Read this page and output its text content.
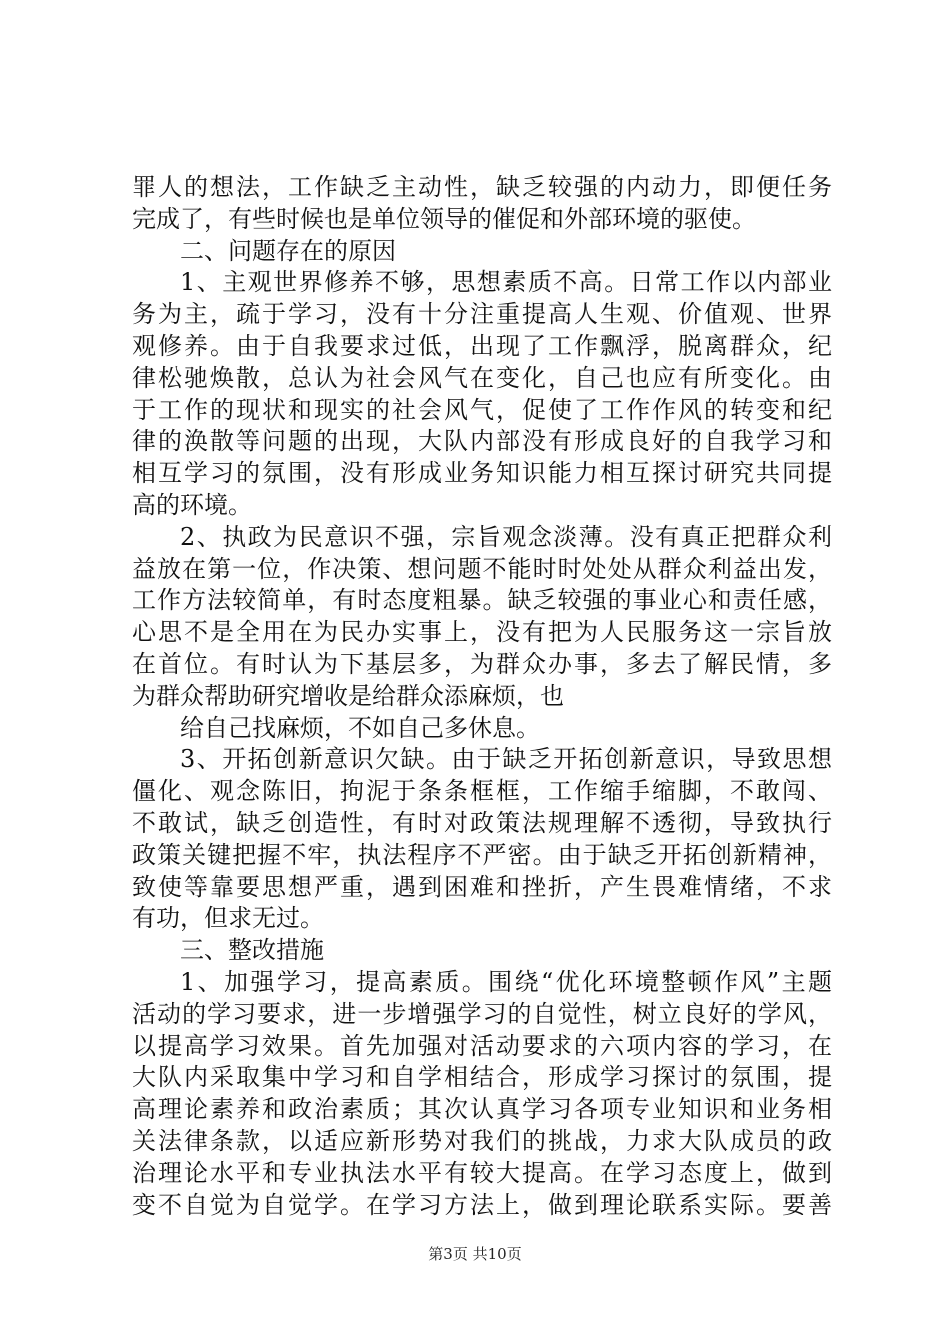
罪人的想法，工作缺乏主动性，缺乏较强的内动力，即便任务
完成了，有些时候也是单位领导的催促和外部环境的驱使。
二、问题存在的原因
1、主观世界修养不够，思想素质不高。日常工作以内部业
务为主，疏于学习，没有十分注重提高人生观、价值观、世界
观修养。由于自我要求过低，出现了工作飘浮，脱离群众，纪
律松驰焕散，总认为社会风气在变化，自己也应有所变化。由
于工作的现状和现实的社会风气，促使了工作作风的转变和纪
律的涣散等问题的出现，大队内部没有形成良好的自我学习和
相互学习的氛围，没有形成业务知识能力相互探讨研究共同提
高的环境。
2、执政为民意识不强，宗旨观念淡薄。没有真正把群众利
益放在第一位，作决策、想问题不能时时处处从群众利益出发，
工作方法较简单，有时态度粗暴。缺乏较强的事业心和责任感，
心思不是全用在为民办实事上，没有把为人民服务这一宗旨放
在首位。有时认为下基层多，为群众办事，多去了解民情，多
为群众帮助研究增收是给群众添麻烦，也
给自己找麻烦，不如自己多休息。
3、开拓创新意识欠缺。由于缺乏开拓创新意识，导致思想
僵化、观念陈旧，拘泥于条条框框，工作缩手缩脚，不敢闯、
不敢试，缺乏创造性，有时对政策法规理解不透彻，导致执行
政策关键把握不牢，执法程序不严密。由于缺乏开拓创新精神，
致使等靠要思想严重，遇到困难和挫折，产生畏难情绪，不求
有功，但求无过。
三、整改措施
1、加强学习，提高素质。围绕“优化环境整顿作风”主题
活动的学习要求，进一步增强学习的自觉性，树立良好的学风，
以提高学习效果。首先加强对活动要求的六项内容的学习，在
大队内采取集中学习和自学相结合，形成学习探讨的氛围，提
高理论素养和政治素质；其次认真学习各项专业知识和业务相
关法律条款，以适应新形势对我们的挑战，力求大队成员的政
治理论水平和专业执法水平有较大提高。在学习态度上，做到
变不自觉为自觉学。在学习方法上，做到理论联系实际。要善
第3页 共10页
